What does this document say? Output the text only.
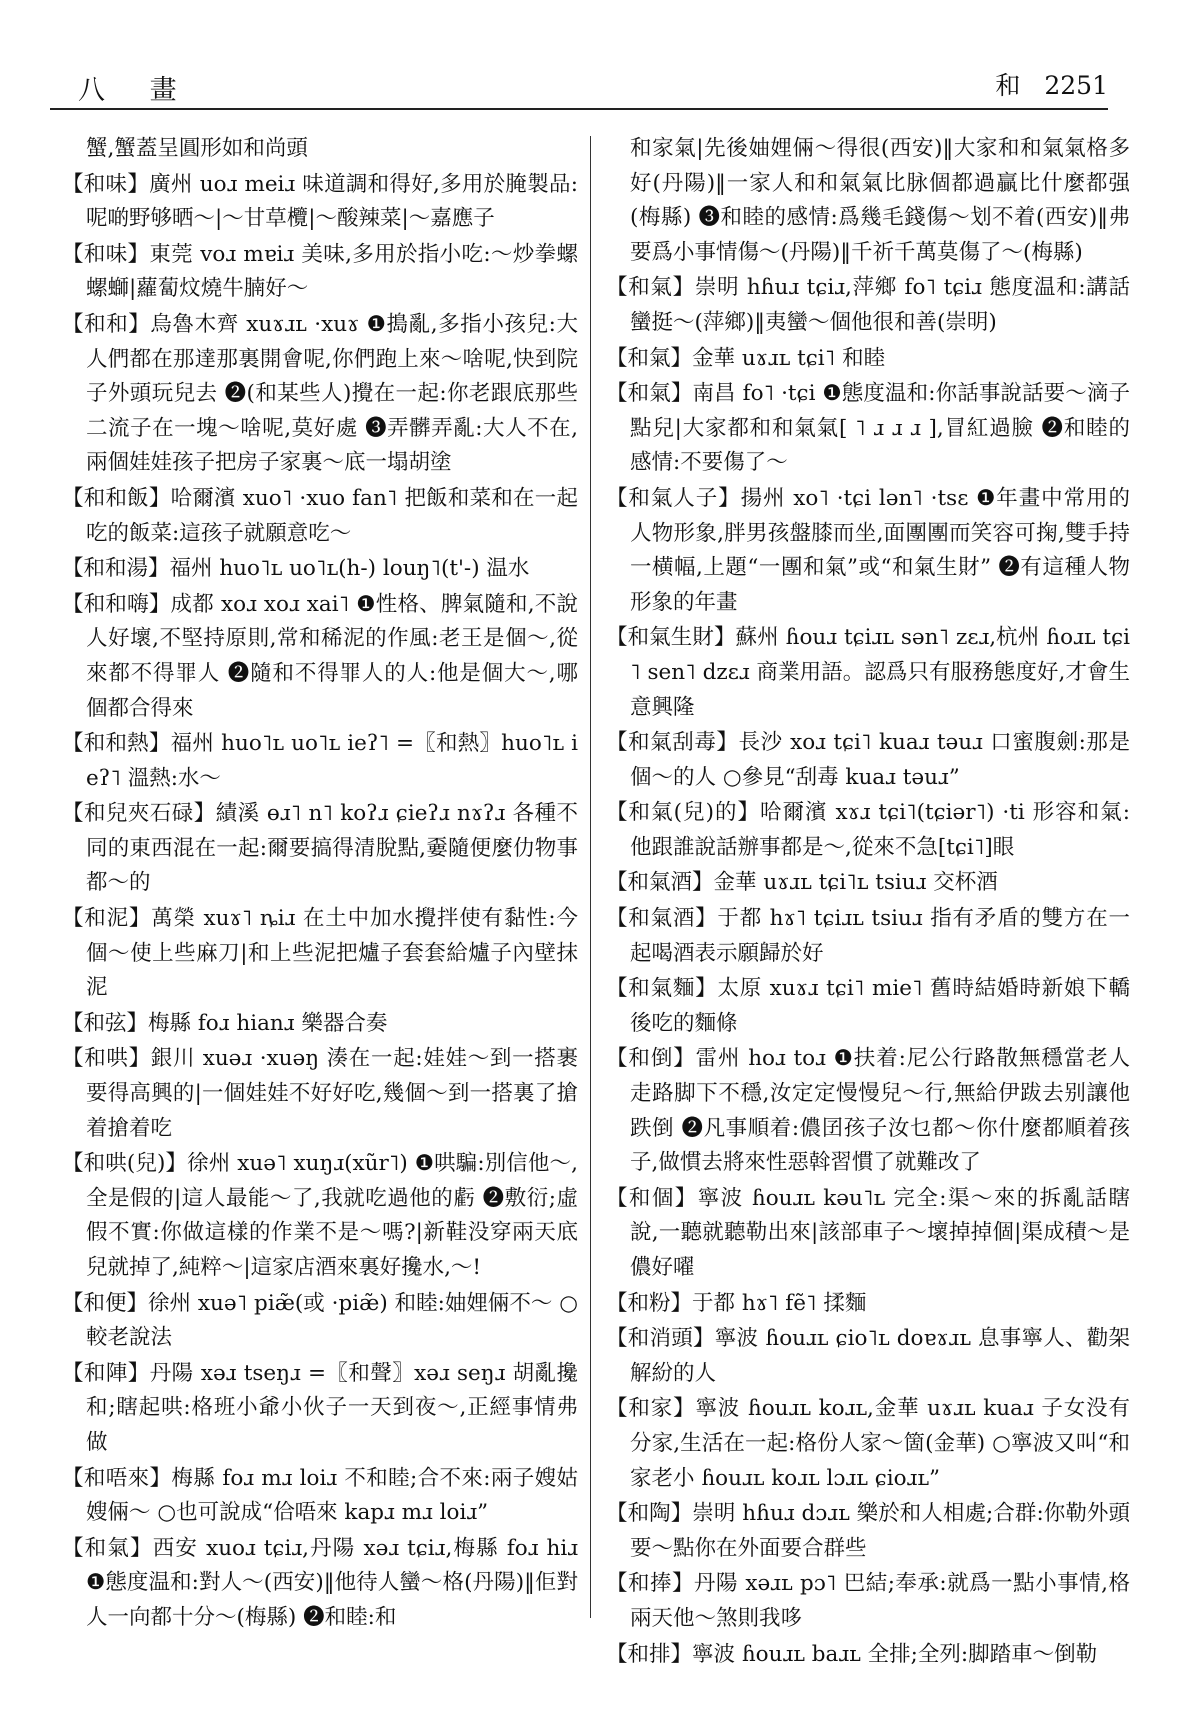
八 畫	和 2251

蟹,蟹蓋呈圓形如和尚頭

【和味】廣州 uoɹ meiɹ 味道調和得好,多用於腌製品:呢啲野够晒～|～甘草欖|～酸辣菜|～嘉應子

【和味】東莞 voɹ mɐiɹ 美味,多用於指小吃:～炒拳螺螺螄|蘿蔔炆燒牛腩好～

【和和】烏魯木齊 xuɤɹʟ ·xuɤ ❶搗亂,多指小孩兒:大人們都在那達那裏開會呢,你們跑上來～啥呢,快到院子外頭玩兒去 ❷(和某些人)攪在一起:你老跟底那些二流子在一塊～啥呢,莫好處 ❸弄髒弄亂:大人不在,兩個娃娃孩子把房子家裏～底一塌胡塗

【和和飯】哈爾濱 xuo˥ ·xuo fan˥ 把飯和菜和在一起吃的飯菜:這孩子就願意吃～

【和和湯】福州 huo˥ʟ uo˥ʟ(h-) louŋ˥(t'-) 温水

【和和嗨】成都 xoɹ xoɹ xai˥ ❶性格、脾氣隨和,不說人好壞,不堅持原則,常和稀泥的作風:老王是個～,從來都不得罪人 ❷隨和不得罪人的人:他是個大～,哪個都合得來

【和和熱】福州 huo˥ʟ uo˥ʟ ieʔ˥ =〖和熱〗huo˥ʟ ieʔ˥ 溫熱:水～

【和兒夾石碌】績溪 ɵɹ˥ n˥ koʔɹ ɕieʔɹ nɤʔɹ 各種不同的東西混在一起:爾要搞得清脫點,嫑隨便麼仂物事都～的

【和泥】萬榮 xuɤ˥ ȵiɹ 在土中加水攪拌使有黏性:今個～使上些麻刀|和上些泥把爐子套套給爐子內壁抹泥

【和弦】梅縣 foɹ hianɹ 樂器合奏

【和哄】銀川 xuəɹ ·xuəŋ 湊在一起:娃娃～到一搭裹要得高興的|一個娃娃不好好吃,幾個～到一搭裏了搶着搶着吃

【和哄(兒)】徐州 xuə˥ xuŋɹ(xũr˥) ❶哄騙:別信他～,全是假的|這人最能～了,我就吃過他的虧 ❷敷衍;虛假不實:你做這樣的作業不是～嗎?|新鞋没穿兩天底兒就掉了,純粹～|這家店酒來裏好攙水,～!

【和便】徐州 xuə˥ piæ̃(或 ·piæ̃) 和睦:妯娌倆不～ ○較老說法

【和陣】丹陽 xəɹ tseŋɹ =〖和聲〗xəɹ seŋɹ 胡亂攙和;瞎起哄:格班小爺小伙子一天到夜～,正經事情弗做

【和唔來】梅縣 foɹ mɹ loiɹ 不和睦;合不來:兩子嫂姑嫂倆～ ○也可說成“佮唔來 kapɹ mɹ loiɹ”

【和氣】西安 xuoɹ tɕiɹ,丹陽 xəɹ tɕiɹ,梅縣 foɹ hiɹ ❶態度温和:對人～(西安)‖他待人蠻～格(丹陽)‖佢對人一向都十分～(梅縣) ❷和睦:和

和家氣|先後妯娌倆～得很(西安)‖大家和和氣氣格多好(丹陽)‖一家人和和氣氣比脉個都過贏比什麼都强(梅縣) ❸和睦的感情:爲幾毛錢傷～划不着(西安)‖弗要爲小事情傷～(丹陽)‖千祈千萬莫傷了～(梅縣)

【和氣】崇明 hɦuɹ tɕiɹ,萍鄉 fo˥ tɕiɹ 態度温和:講話蠻挺～(萍鄉)‖夷蠻～個他很和善(崇明)

【和氣】金華 uɤɹʟ tɕi˥ 和睦

【和氣】南昌 fo˥ ·tɕi ❶態度温和:你話事說話要～滴子點兒|大家都和和氣氣[ ˥ ɹ ɹ ɹ ],冒紅過臉 ❷和睦的感情:不要傷了～

【和氣人子】揚州 xo˥ ·tɕi lən˥ ·tsɛ ❶年畫中常用的人物形象,胖男孩盤膝而坐,面團團而笑容可掬,雙手持一横幅,上題“一團和氣”或“和氣生財” ❷有這種人物形象的年畫

【和氣生財】蘇州 ɦouɹ tɕiɹʟ sən˥ zɛɹ,杭州 ɦoɹʟ tɕi˥ sen˥ dzɛɹ 商業用語。認爲只有服務態度好,才會生意興隆

【和氣刮毒】長沙 xoɹ tɕi˥ kuaɹ təuɹ 口蜜腹劍:那是個～的人 ○參見“刮毒 kuaɹ təuɹ”

【和氣(兒)的】哈爾濱 xɤɹ tɕi˥(tɕiər˥) ·ti 形容和氣:他跟誰說話辦事都是～,從來不急[tɕi˥]眼

【和氣酒】金華 uɤɹʟ tɕi˥ʟ tsiuɹ 交杯酒

【和氣酒】于都 hɤ˥ tɕiɹʟ tsiuɹ 指有矛盾的雙方在一起喝酒表示願歸於好

【和氣麵】太原 xuɤɹ tɕi˥ mie˥ 舊時結婚時新娘下轎後吃的麵條

【和倒】雷州 hoɹ toɹ ❶扶着:尼公行路散無穩當老人走路脚下不穩,汝定定慢慢兒～行,無給伊跋去别讓他跌倒 ❷凡事順着:儂囝孩子汝乜都～你什麼都順着孩子,做慣去將來性惡斡習慣了就難改了

【和個】寧波 ɦouɹʟ kəu˥ʟ 完全:渠～來的拆亂話瞎說,一聽就聽勒出來|該部車子～壞掉掉個|渠成積～是儂好嚁

【和粉】于都 hɤ˥ fẽ˥ 揉麵

【和消頭】寧波 ɦouɹʟ ɕio˥ʟ doɐɤɹʟ 息事寧人、勸架解紛的人

【和家】寧波 ɦouɹʟ koɹʟ,金華 uɤɹʟ kuaɹ 子女没有分家,生活在一起:格份人家～箇(金華) ○寧波又叫“和家老小 ɦouɹʟ koɹʟ lɔɹʟ ɕioɹʟ”

【和陶】崇明 hɦuɹ dɔɹʟ 樂於和人相處;合群:你勒外頭要～點你在外面要合群些

【和捧】丹陽 xəɹʟ pɔ˥ 巴結;奉承:就爲一點小事情,格兩天他～煞則我哆

【和排】寧波 ɦouɹʟ baɹʟ 全排;全列:脚踏車～倒勒
